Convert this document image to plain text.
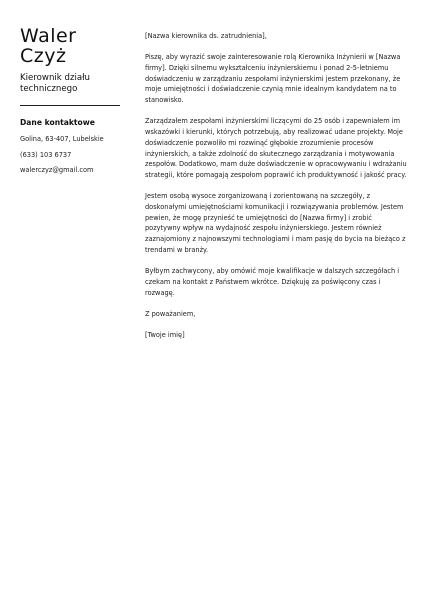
Waler
Czyż
Kierownik działu technicznego
Dane kontaktowe
Golina, 63-407, Lubelskie
(633) 103 6737
walerczyz@gmail.com

[Nazwa kierownika ds. zatrudnienia],

Piszę, aby wyrazić swoje zainteresowanie rolą Kierownika Inżynierii w [Nazwa firmy]. Dzięki silnemu wykształceniu inżynierskiemu i ponad 2-5-letniemu doświadczeniu w zarządzaniu zespołami inżynierskimi jestem przekonany, że moje umiejętności i doświadczenie czynią mnie idealnym kandydatem na to stanowisko.

Zarządzałem zespołami inżynierskimi liczącymi do 25 osób i zapewniałem im wskazówki i kierunki, których potrzebują, aby realizować udane projekty. Moje doświadczenie pozwoliło mi rozwinąć głębokie zrozumienie procesów inżynierskich, a także zdolność do skutecznego zarządzania i motywowania zespołów. Dodatkowo, mam duże doświadczenie w opracowywaniu i wdrażaniu strategii, które pomagają zespołom poprawić ich produktywność i jakość pracy.

Jestem osobą wysoce zorganizowaną i zorientowaną na szczegóły, z doskonałymi umiejętnościami komunikacji i rozwiązywania problemów. Jestem pewien, że mogę przynieść te umiejętności do [Nazwa firmy] i zrobić pozytywny wpływ na wydajność zespołu inżynierskiego. Jestem również zaznajomiony z najnowszymi technologiami i mam pasję do bycia na bieżąco z trendami w branży.

Byłbym zachwycony, aby omówić moje kwalifikacje w dalszych szczegółach i czekam na kontakt z Państwem wkrótce. Dziękuję za poświęcony czas i rozwagę.

Z poważaniem,

[Twoje imię]
